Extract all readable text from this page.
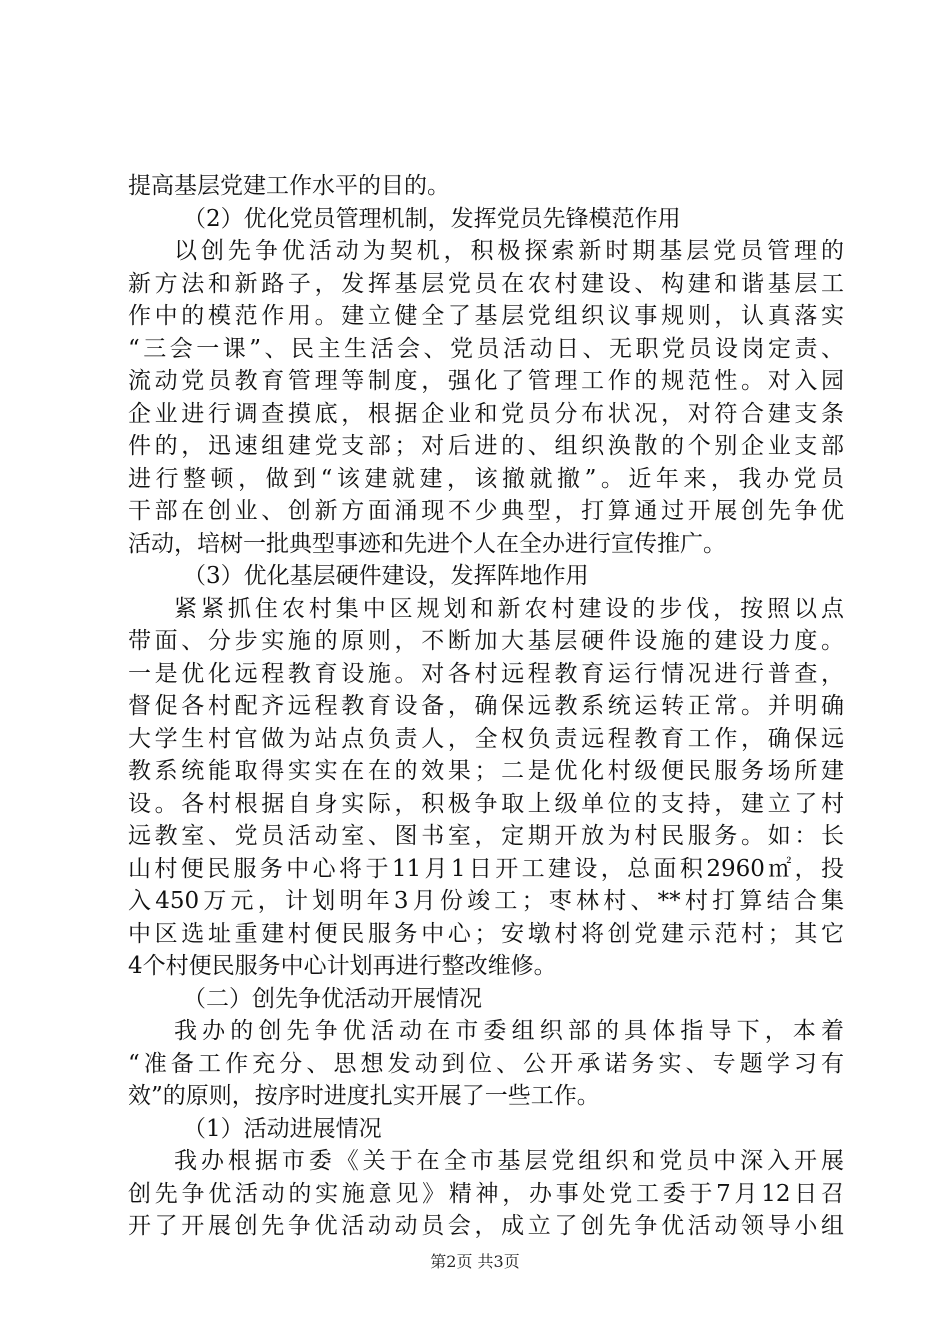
提高基层党建工作水平的目的。
（2）优化党员管理机制，发挥党员先锋模范作用
以创先争优活动为契机，积极探索新时期基层党员管理的
新方法和新路子，发挥基层党员在农村建设、构建和谐基层工
作中的模范作用。建立健全了基层党组织议事规则，认真落实
“三会一课”、民主生活会、党员活动日、无职党员设岗定责、
流动党员教育管理等制度，强化了管理工作的规范性。对入园
企业进行调查摸底，根据企业和党员分布状况，对符合建支条
件的，迅速组建党支部；对后进的、组织涣散的个别企业支部
进行整顿，做到“该建就建，该撤就撤”。近年来，我办党员
干部在创业、创新方面涌现不少典型，打算通过开展创先争优
活动，培树一批典型事迹和先进个人在全办进行宣传推广。
（3）优化基层硬件建设，发挥阵地作用
紧紧抓住农村集中区规划和新农村建设的步伐，按照以点
带面、分步实施的原则，不断加大基层硬件设施的建设力度。
一是优化远程教育设施。对各村远程教育运行情况进行普查，
督促各村配齐远程教育设备，确保远教系统运转正常。并明确
大学生村官做为站点负责人，全权负责远程教育工作，确保远
教系统能取得实实在在的效果；二是优化村级便民服务场所建
设。各村根据自身实际，积极争取上级单位的支持，建立了村
远教室、党员活动室、图书室，定期开放为村民服务。如：长
山村便民服务中心将于11月1日开工建设，总面积2960㎡，投
入450万元，计划明年3月份竣工；枣林村、**村打算结合集
中区选址重建村便民服务中心；安墩村将创党建示范村；其它
4个村便民服务中心计划再进行整改维修。
（二）创先争优活动开展情况
我办的创先争优活动在市委组织部的具体指导下，本着
“准备工作充分、思想发动到位、公开承诺务实、专题学习有
效”的原则，按序时进度扎实开展了一些工作。
（1）活动进展情况
我办根据市委《关于在全市基层党组织和党员中深入开展
创先争优活动的实施意见》精神，办事处党工委于7月12日召
开了开展创先争优活动动员会，成立了创先争优活动领导小组
第2页 共3页
